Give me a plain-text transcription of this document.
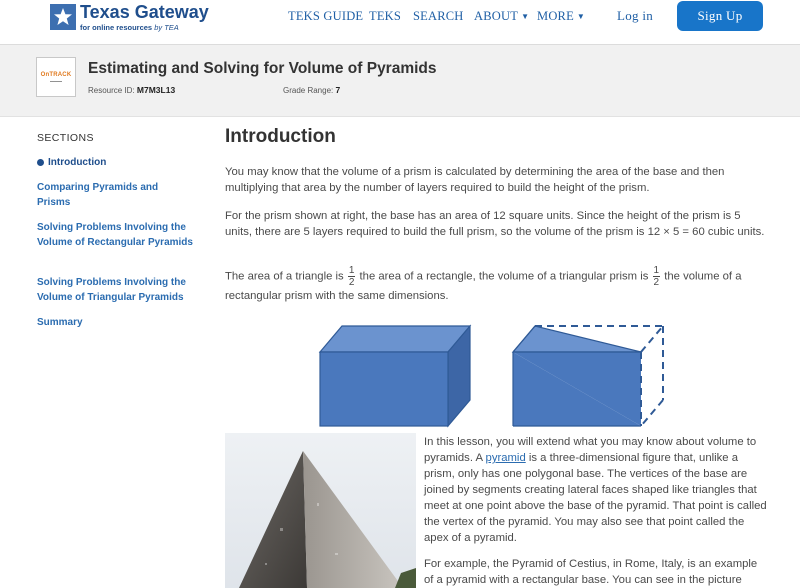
Texas Gateway
for online resources by TEA
TEKS GUIDE TEKS SEARCH ABOUT ▼ MORE ▼ Log in	Sign Up
OnTRACK
▬▬▬▬
Estimating and Solving for Volume of Pyramids
Resource ID: M7M3L13	Grade Range: 7
SECTIONS
Introduction
Comparing Pyramids and Prisms
Solving Problems Involving the Volume of Rectangular Pyramids
Solving Problems Involving the Volume of Triangular Pyramids
Summary
Introduction

You may know that the volume of a prism is calculated by determining the area of the base and then multiplying that area by the number of layers required to build the height of the prism.

For the prism shown at right, the base has an area of 12 square units. Since the height of the prism is 5 units, there are 5 layers required to build the full prism, so the volume of the prism is 12 × 5 = 60 cubic units.

The area of a triangle is $\frac{1}{2}$ the area of a rectangle, the volume of a triangular prism is $\frac{1}{2}$ the volume of a rectangular prism with the same dimensions.

In this lesson, you will extend what you may know about volume to pyramids. A pyramid is a three-dimensional figure that, unlike a prism, only has one polygonal base. The vertices of the base are joined by segments creating lateral faces shaped like triangles that meet at one point above the base of the pyramid. That point is called the vertex of the pyramid. You may also see that point called the apex of a pyramid.

For example, the Pyramid of Cestius, in Rome, Italy, is an example of a pyramid with a rectangular base. You can see in the picture
